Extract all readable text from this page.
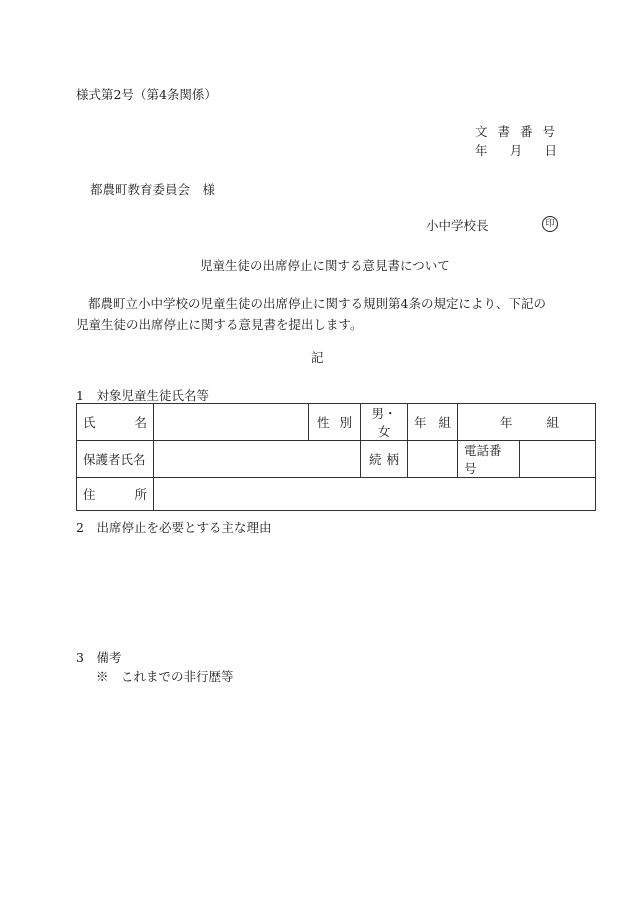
様式第2号（第4条関係）
文書番号
年 月 日
都農町教育委員会　様
小中学校長	印
児童生徒の出席停止に関する意見書について
都農町立小中学校の児童生徒の出席停止に関する規則第4条の規定により、下記の児童生徒の出席停止に関する意見書を提出します。
記
1　対象児童生徒氏名等
氏 名		性 別	男・女	年 組	年 組	

保護者氏名			続 柄		電話番号	

住 所						

2　出席停止を必要とする主な理由
3　備考
※　これまでの非行歴等
